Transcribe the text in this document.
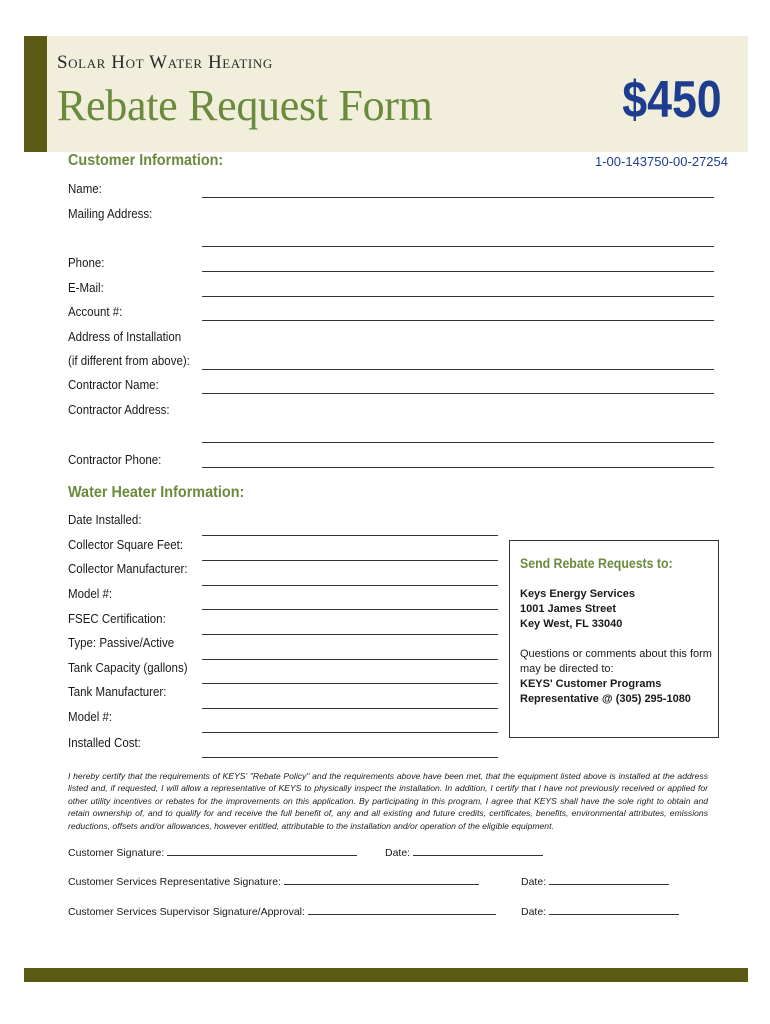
Solar Hot Water Heating
Rebate Request Form	$450
Customer Information:	1-00-143750-00-27254
Name:
Mailing Address:
Phone:
E-Mail:
Account #:
Address of Installation
(if different from above):
Contractor Name:
Contractor Address:
Contractor Phone:
Water Heater Information:
Date Installed:
Collector Square Feet:
Collector Manufacturer:
Model #:
FSEC Certification:
Type: Passive/Active
Tank Capacity (gallons)
Tank Manufacturer:
Model #:
Installed Cost:
Send Rebate Requests to:
Keys Energy Services
1001 James Street
Key West, FL 33040
Questions or comments about this form may be directed to:
KEYS' Customer Programs Representative @ (305) 295-1080
I hereby certify that the requirements of KEYS' "Rebate Policy" and the requirements above have been met, that the equipment listed above is installed at the address listed and, if requested, I will allow a representative of KEYS to physically inspect the installation. In addition, I certify that I have not previously received or applied for other utility incentives or rebates for the improvements on this application. By participating in this program, I agree that KEYS shall have the sole right to obtain and retain ownership of, and to qualify for and receive the full benefit of, any and all existing and future credits, certificates, benefits, environmental attributes, emissions reductions, offsets and/or allowances, however entitled, attributable to the installation and/or operation of the eligible equipment.
Customer Signature:	Date:
Customer Services Representative Signature:	Date:
Customer Services Supervisor Signature/Approval:	Date:
